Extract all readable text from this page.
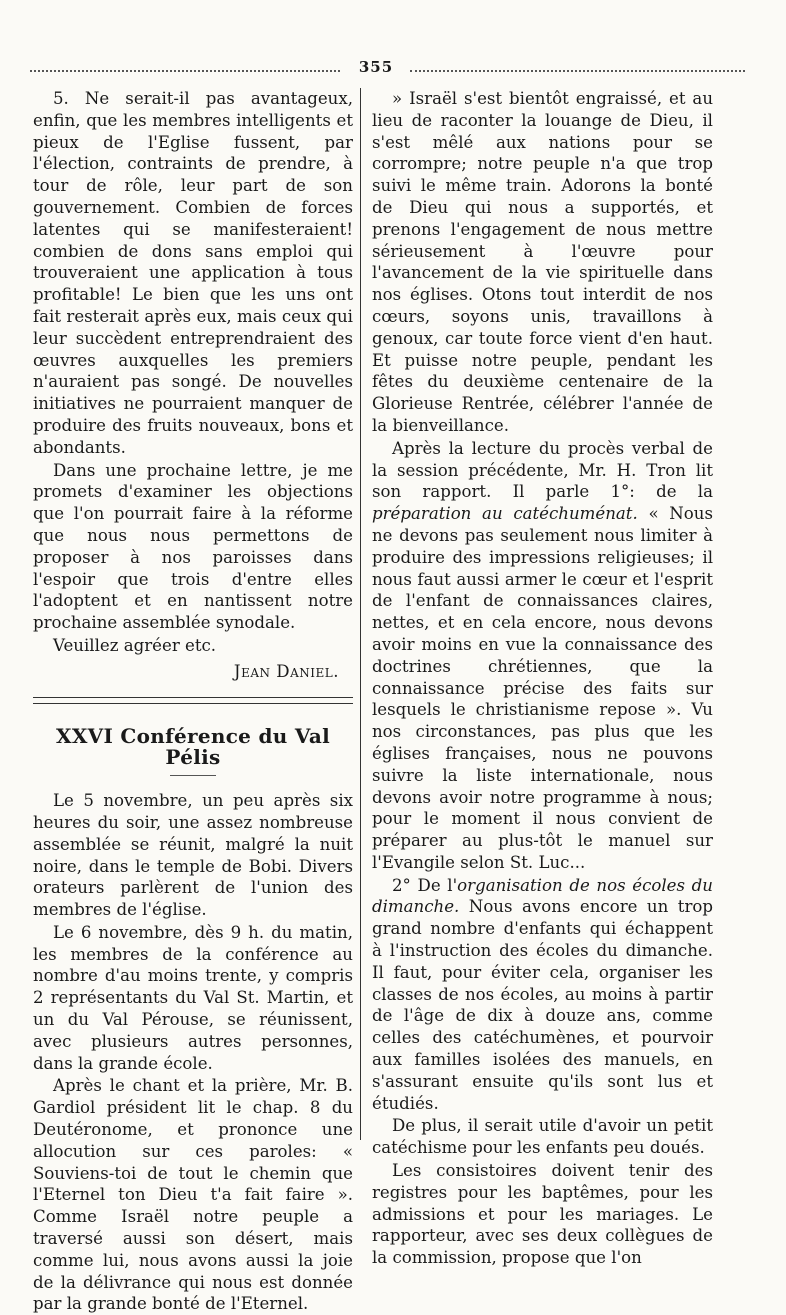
355

5. Ne serait-il pas avantageux, enfin, que les membres intelligents et pieux de l'Eglise fussent, par l'élection, contraints de prendre, à tour de rôle, leur part de son gouvernement. Combien de forces latentes qui se manifesteraient! combien de dons sans emploi qui trouveraient une application à tous profitable! Le bien que les uns ont fait resterait après eux, mais ceux qui leur succèdent entreprendraient des œuvres auxquelles les premiers n'auraient pas songé. De nouvelles initiatives ne pourraient manquer de produire des fruits nouveaux, bons et abondants.

Dans une prochaine lettre, je me promets d'examiner les objections que l'on pourrait faire à la réforme que nous nous permettons de proposer à nos paroisses dans l'espoir que trois d'entre elles l'adoptent et en nantissent notre prochaine assemblée synodale.

Veuillez agréer etc.

Jean Daniel.

XXVI Conférence du Val Pélis

Le 5 novembre, un peu après six heures du soir, une assez nombreuse assemblée se réunit, malgré la nuit noire, dans le temple de Bobi. Divers orateurs parlèrent de l'union des membres de l'église.

Le 6 novembre, dès 9 h. du matin, les membres de la conférence au nombre d'au moins trente, y compris 2 représentants du Val St. Martin, et un du Val Pérouse, se réunissent, avec plusieurs autres personnes, dans la grande école.

Après le chant et la prière, Mr. B. Gardiol président lit le chap. 8 du Deutéronome, et prononce une allocution sur ces paroles: « Souviens-toi de tout le chemin que l'Eternel ton Dieu t'a fait faire ». Comme Israël notre peuple a traversé aussi son désert, mais comme lui, nous avons aussi la joie de la délivrance qui nous est donnée par la grande bonté de l'Eternel.

» Israël s'est bientôt engraissé, et au lieu de raconter la louange de Dieu, il s'est mêlé aux nations pour se corrompre; notre peuple n'a que trop suivi le même train. Adorons la bonté de Dieu qui nous a supportés, et prenons l'engagement de nous mettre sérieusement à l'œuvre pour l'avancement de la vie spirituelle dans nos églises. Otons tout interdit de nos cœurs, soyons unis, travaillons à genoux, car toute force vient d'en haut. Et puisse notre peuple, pendant les fêtes du deuxième centenaire de la Glorieuse Rentrée, célébrer l'année de la bienveillance.

Après la lecture du procès verbal de la session précédente, Mr. H. Tron lit son rapport. Il parle 1°: de la préparation au catéchuménat. « Nous ne devons pas seulement nous limiter à produire des impressions religieuses; il nous faut aussi armer le cœur et l'esprit de l'enfant de connaissances claires, nettes, et en cela encore, nous devons avoir moins en vue la connaissance des doctrines chrétiennes, que la connaissance précise des faits sur lesquels le christianisme repose ». Vu nos circonstances, pas plus que les églises françaises, nous ne pouvons suivre la liste internationale, nous devons avoir notre programme à nous; pour le moment il nous convient de préparer au plus-tôt le manuel sur l'Evangile selon St. Luc...

2° De l'organisation de nos écoles du dimanche. Nous avons encore un trop grand nombre d'enfants qui échappent à l'instruction des écoles du dimanche. Il faut, pour éviter cela, organiser les classes de nos écoles, au moins à partir de l'âge de dix à douze ans, comme celles des catéchumènes, et pourvoir aux familles isolées des manuels, en s'assurant ensuite qu'ils sont lus et étudiés.

De plus, il serait utile d'avoir un petit catéchisme pour les enfants peu doués.

Les consistoires doivent tenir des registres pour les baptêmes, pour les admissions et pour les mariages. Le rapporteur, avec ses deux collègues de la commission, propose que l'on
